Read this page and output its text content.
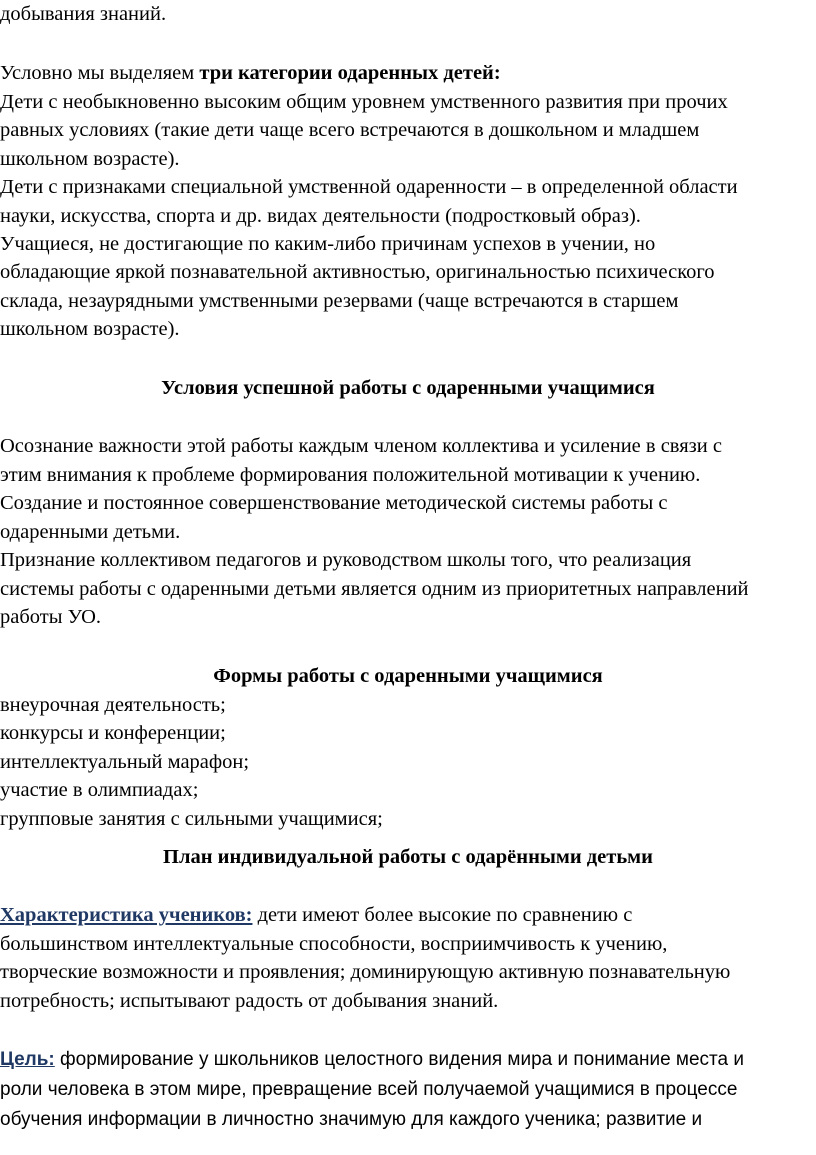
добывания знаний.
Условно мы выделяем три категории одаренных детей:
Дети с необыкновенно высоким общим уровнем умственного развития при прочих
равных условиях (такие дети чаще всего встречаются в дошкольном и младшем
школьном возрасте).
Дети с признаками специальной умственной одаренности – в определенной области
науки, искусства, спорта и др. видах деятельности (подростковый образ).
Учащиеся, не достигающие по каким-либо причинам успехов в учении, но
обладающие яркой познавательной активностью, оригинальностью психического
склада, незаурядными умственными резервами (чаще встречаются в старшем
школьном возрасте).
Условия успешной работы с одаренными учащимися
Осознание важности этой работы каждым членом коллектива и усиление в связи с
этим внимания к проблеме формирования положительной мотивации к учению.
Создание и постоянное совершенствование методической системы работы с
одаренными детьми.
Признание коллективом педагогов и руководством школы того, что реализация
системы работы с одаренными детьми является одним из приоритетных направлений
работы УО.
Формы работы с одаренными учащимися
внеурочная деятельность;
конкурсы и конференции;
интеллектуальный марафон;
участие в олимпиадах;
групповые занятия с сильными учащимися;
План индивидуальной работы с одарёнными детьми
Характеристика учеников: дети имеют более высокие по сравнению с
большинством интеллектуальные способности, восприимчивость к учению,
творческие возможности и проявления; доминирующую активную познавательную
потребность; испытывают радость от добывания знаний.
Цель: формирование у школьников целостного видения мира и понимание места и
роли человека в этом мире, превращение всей получаемой учащимися в процессе
обучения информации в личностно значимую для каждого ученика; развитие и
